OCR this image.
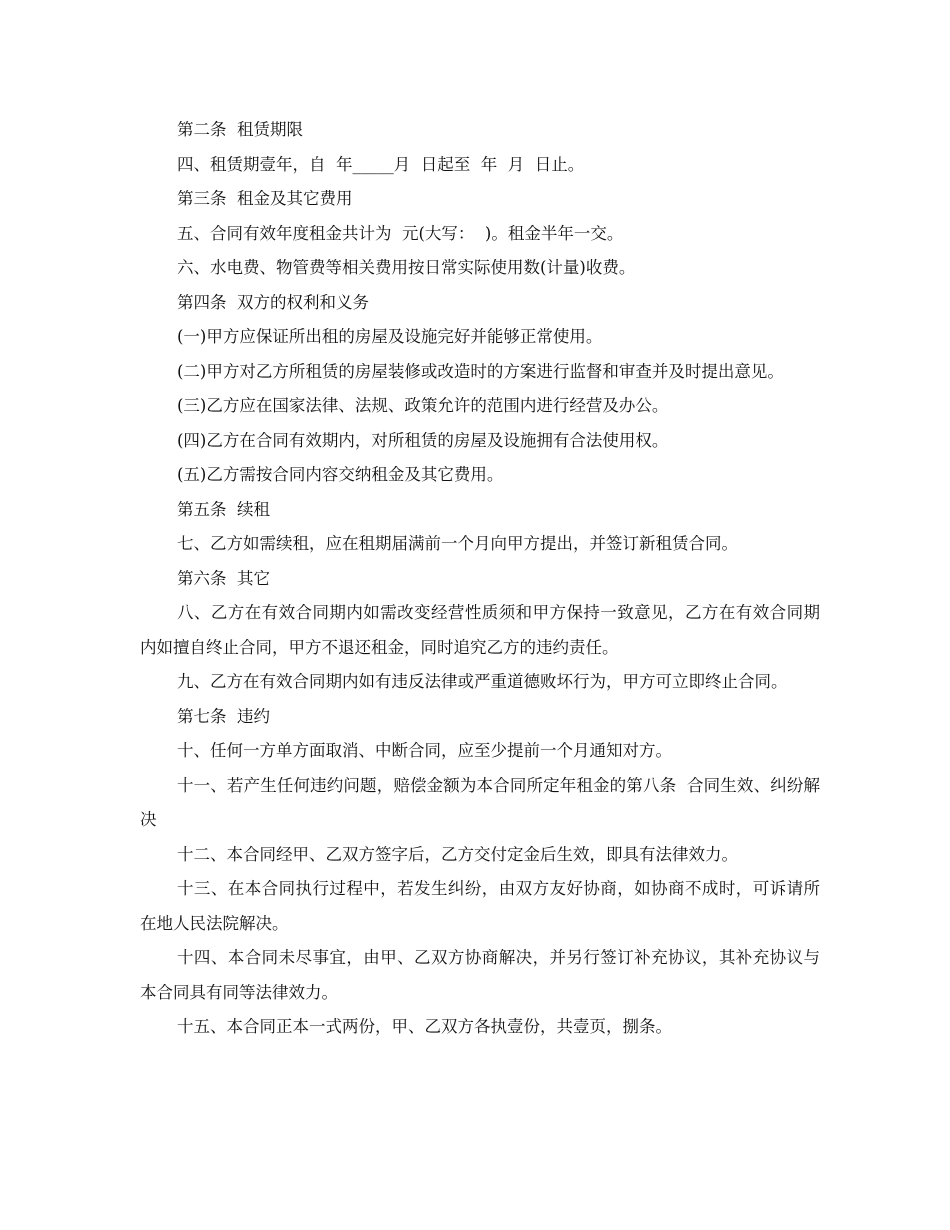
第二条  租赁期限

四、租赁期壹年，自  年_____月  日起至  年  月  日止。

第三条  租金及其它费用

五、合同有效年度租金共计为  元(大写：  )。租金半年一交。

六、水电费、物管费等相关费用按日常实际使用数(计量)收费。

第四条  双方的权利和义务

(一)甲方应保证所出租的房屋及设施完好并能够正常使用。

(二)甲方对乙方所租赁的房屋装修或改造时的方案进行监督和审查并及时提出意见。

(三)乙方应在国家法律、法规、政策允许的范围内进行经营及办公。

(四)乙方在合同有效期内，对所租赁的房屋及设施拥有合法使用权。

(五)乙方需按合同内容交纳租金及其它费用。

第五条  续租

七、乙方如需续租，应在租期届满前一个月向甲方提出，并签订新租赁合同。

第六条  其它

八、乙方在有效合同期内如需改变经营性质须和甲方保持一致意见，乙方在有效合同期内如擅自终止合同，甲方不退还租金，同时追究乙方的违约责任。

九、乙方在有效合同期内如有违反法律或严重道德败坏行为，甲方可立即终止合同。

第七条  违约

十、任何一方单方面取消、中断合同，应至少提前一个月通知对方。

十一、若产生任何违约问题，赔偿金额为本合同所定年租金的第八条  合同生效、纠纷解决

十二、本合同经甲、乙双方签字后，乙方交付定金后生效，即具有法律效力。

十三、在本合同执行过程中，若发生纠纷，由双方友好协商，如协商不成时，可诉请所在地人民法院解决。

十四、本合同未尽事宜，由甲、乙双方协商解决，并另行签订补充协议，其补充协议与本合同具有同等法律效力。

十五、本合同正本一式两份，甲、乙双方各执壹份，共壹页，捌条。
